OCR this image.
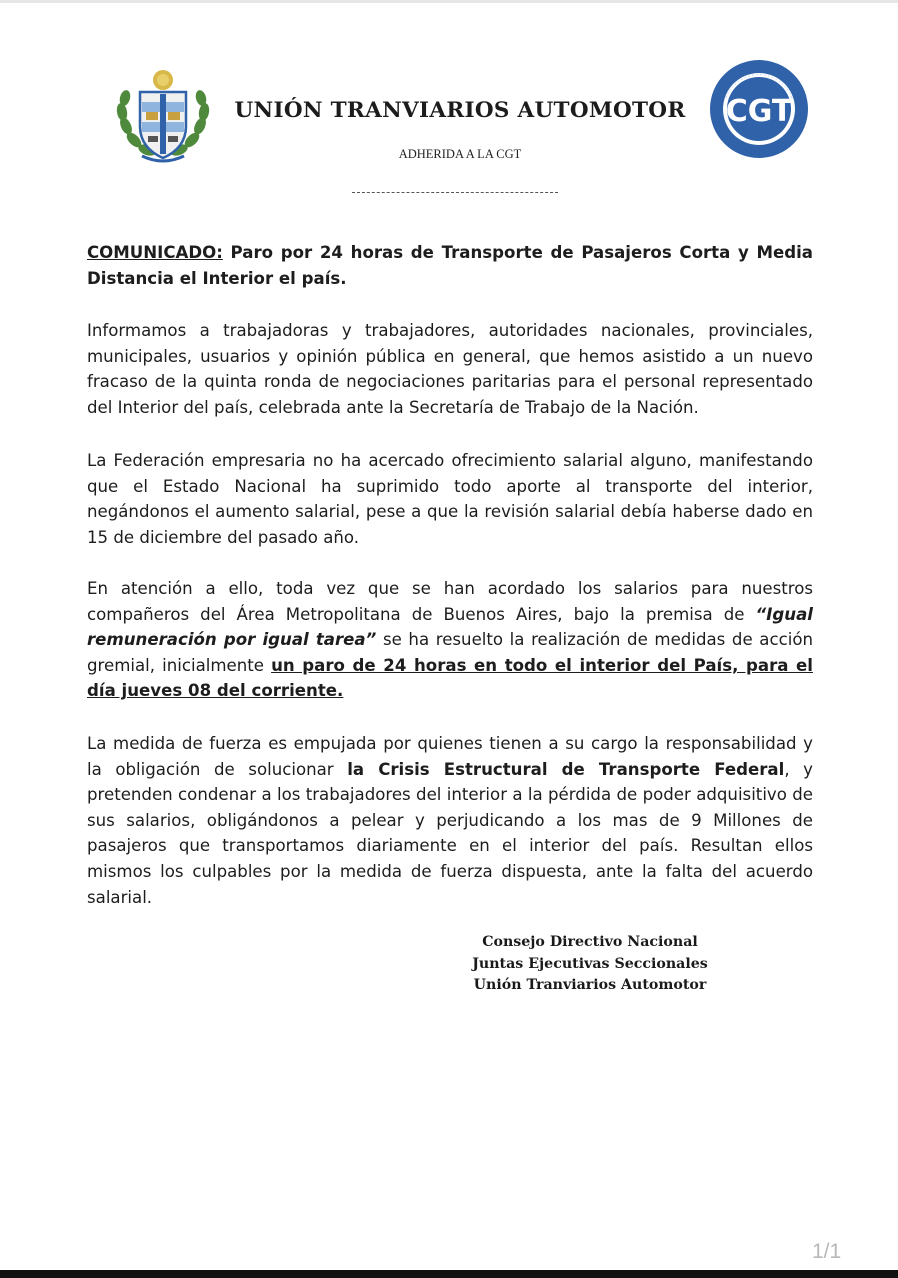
CGT
UNIÓN TRANVIARIOS AUTOMOTOR
ADHERIDA A LA CGT
COMUNICADO: Paro por 24 horas de Transporte de Pasajeros Corta y Media Distancia el Interior el país.
Informamos a trabajadoras y trabajadores, autoridades nacionales, provinciales, municipales, usuarios y opinión pública en general, que hemos asistido a un nuevo fracaso de la quinta ronda de negociaciones paritarias para el personal representado del Interior del país, celebrada ante la Secretaría de Trabajo de la Nación.
La Federación empresaria no ha acercado ofrecimiento salarial alguno, manifestando que el Estado Nacional ha suprimido todo aporte al transporte del interior, negándonos el aumento salarial, pese a que la revisión salarial debía haberse dado en 15 de diciembre del pasado año.
En atención a ello, toda vez que se han acordado los salarios para nuestros compañeros del Área Metropolitana de Buenos Aires, bajo la premisa de “Igual remuneración por igual tarea” se ha resuelto la realización de medidas de acción gremial, inicialmente un paro de 24 horas en todo el interior del País, para el día jueves 08 del corriente.
La medida de fuerza es empujada por quienes tienen a su cargo la responsabilidad y la obligación de solucionar la Crisis Estructural de Transporte Federal, y pretenden condenar a los trabajadores del interior a la pérdida de poder adquisitivo de sus salarios, obligándonos a pelear y perjudicando a los mas de 9 Millones de pasajeros que transportamos diariamente en el interior del país. Resultan ellos mismos los culpables por la medida de fuerza dispuesta, ante la falta del acuerdo salarial.
Consejo Directivo Nacional
Juntas Ejecutivas Seccionales
Unión Tranviarios Automotor
1/1
